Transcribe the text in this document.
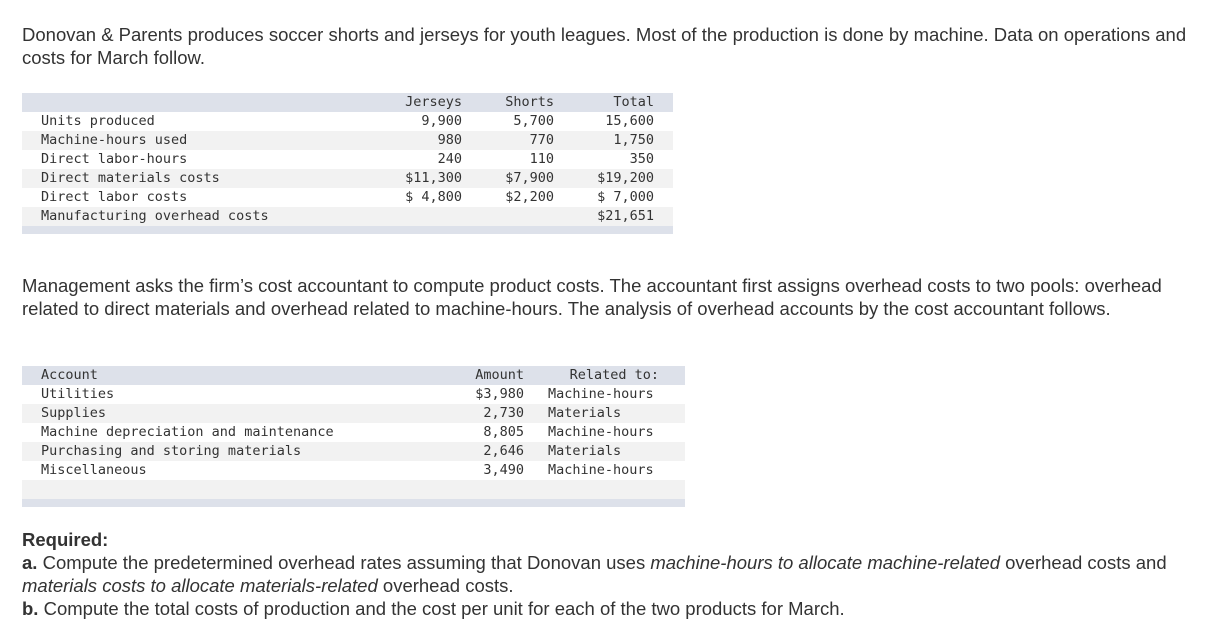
Donovan & Parents produces soccer shorts and jerseys for youth leagues. Most of the production is done by machine. Data on operations and costs for March follow.

	Jerseys	Shorts	Total	
Units produced	9,900	5,700	15,600	
Machine-hours used	980	770	1,750	
Direct labor-hours	240	110	350	
Direct materials costs	$11,300	$7,900	$19,200	
Direct labor costs	$ 4,800	$2,200	$ 7,000	
Manufacturing overhead costs			$21,651	

Management asks the firm’s cost accountant to compute product costs. The accountant first assigns overhead costs to two pools: overhead related to direct materials and overhead related to machine-hours. The analysis of overhead accounts by the cost accountant follows.

Account	Amount		Related to:	
Utilities	$3,980		Machine-hours	
Supplies	2,730		Materials	
Machine depreciation and maintenance	8,805		Machine-hours	
Purchasing and storing materials	2,646		Materials	
Miscellaneous	3,490		Machine-hours	

Required:
a. Compute the predetermined overhead rates assuming that Donovan uses machine-hours to allocate machine-related overhead costs and materials costs to allocate materials-related overhead costs.
b. Compute the total costs of production and the cost per unit for each of the two products for March.
